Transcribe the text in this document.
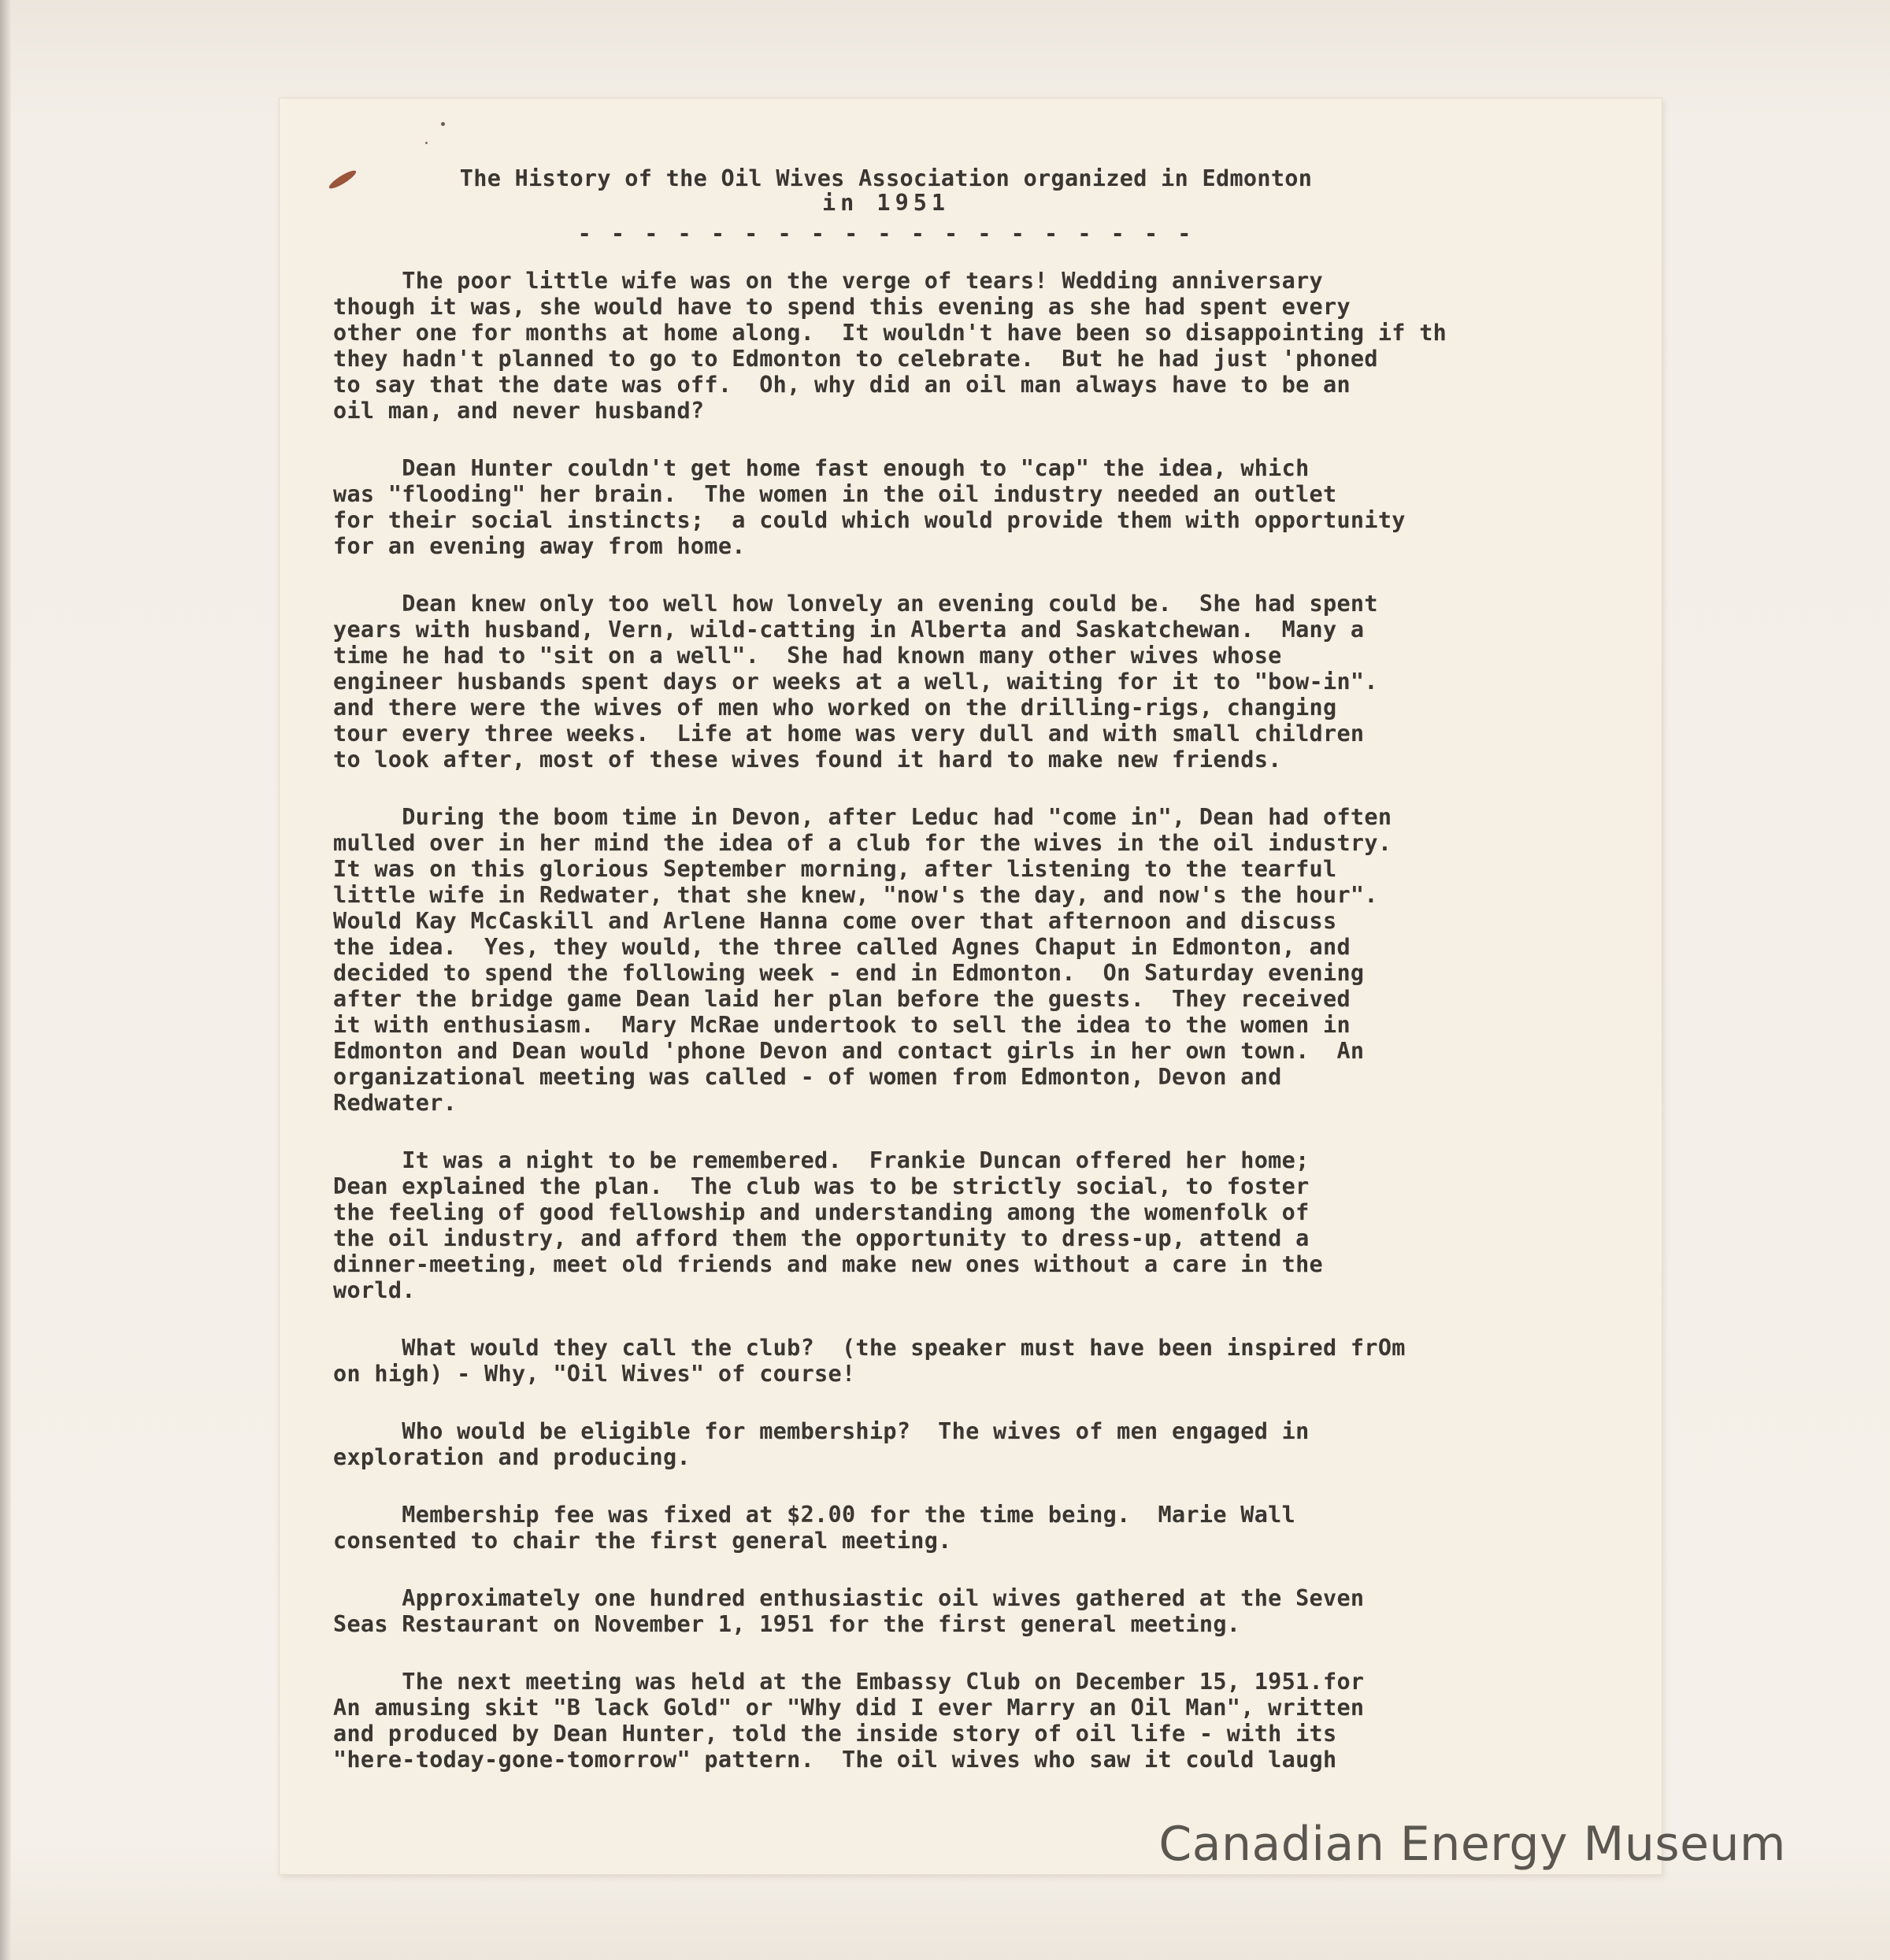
The History of the Oil Wives Association organized in Edmonton
in 1951
- - - - - - - - - - - - - - - - - - -
The poor little wife was on the verge of tears! Wedding anniversary
though it was, she would have to spend this evening as she had spent every
other one for months at home along.  It wouldn't have been so disappointing if th
they hadn't planned to go to Edmonton to celebrate.  But he had just 'phoned
to say that the date was off.  Oh, why did an oil man always have to be an
oil man, and never husband?
Dean Hunter couldn't get home fast enough to "cap" the idea, which
was "flooding" her brain.  The women in the oil industry needed an outlet
for their social instincts;  a could which would provide them with opportunity
for an evening away from home.
Dean knew only too well how lonvely an evening could be.  She had spent
years with husband, Vern, wild-catting in Alberta and Saskatchewan.  Many a
time he had to "sit on a well".  She had known many other wives whose
engineer husbands spent days or weeks at a well, waiting for it to "bow-in".
and there were the wives of men who worked on the drilling-rigs, changing
tour every three weeks.  Life at home was very dull and with small children
to look after, most of these wives found it hard to make new friends.
During the boom time in Devon, after Leduc had "come in", Dean had often
mulled over in her mind the idea of a club for the wives in the oil industry.
It was on this glorious September morning, after listening to the tearful
little wife in Redwater, that she knew, "now's the day, and now's the hour".
Would Kay McCaskill and Arlene Hanna come over that afternoon and discuss
the idea.  Yes, they would, the three called Agnes Chaput in Edmonton, and
decided to spend the following week - end in Edmonton.  On Saturday evening
after the bridge game Dean laid her plan before the guests.  They received
it with enthusiasm.  Mary McRae undertook to sell the idea to the women in
Edmonton and Dean would 'phone Devon and contact girls in her own town.  An
organizational meeting was called - of women from Edmonton, Devon and
Redwater.
It was a night to be remembered.  Frankie Duncan offered her home;
Dean explained the plan.  The club was to be strictly social, to foster
the feeling of good fellowship and understanding among the womenfolk of
the oil industry, and afford them the opportunity to dress-up, attend a
dinner-meeting, meet old friends and make new ones without a care in the
world.
What would they call the club?  (the speaker must have been inspired frOm
on high) - Why, "Oil Wives" of course!
Who would be eligible for membership?  The wives of men engaged in
exploration and producing.
Membership fee was fixed at $2.00 for the time being.  Marie Wall
consented to chair the first general meeting.
Approximately one hundred enthusiastic oil wives gathered at the Seven
Seas Restaurant on November 1, 1951 for the first general meeting.
The next meeting was held at the Embassy Club on December 15, 1951.for
An amusing skit "B lack Gold" or "Why did I ever Marry an Oil Man", written
and produced by Dean Hunter, told the inside story of oil life - with its
"here-today-gone-tomorrow" pattern.  The oil wives who saw it could laugh
Canadian Energy Museum
